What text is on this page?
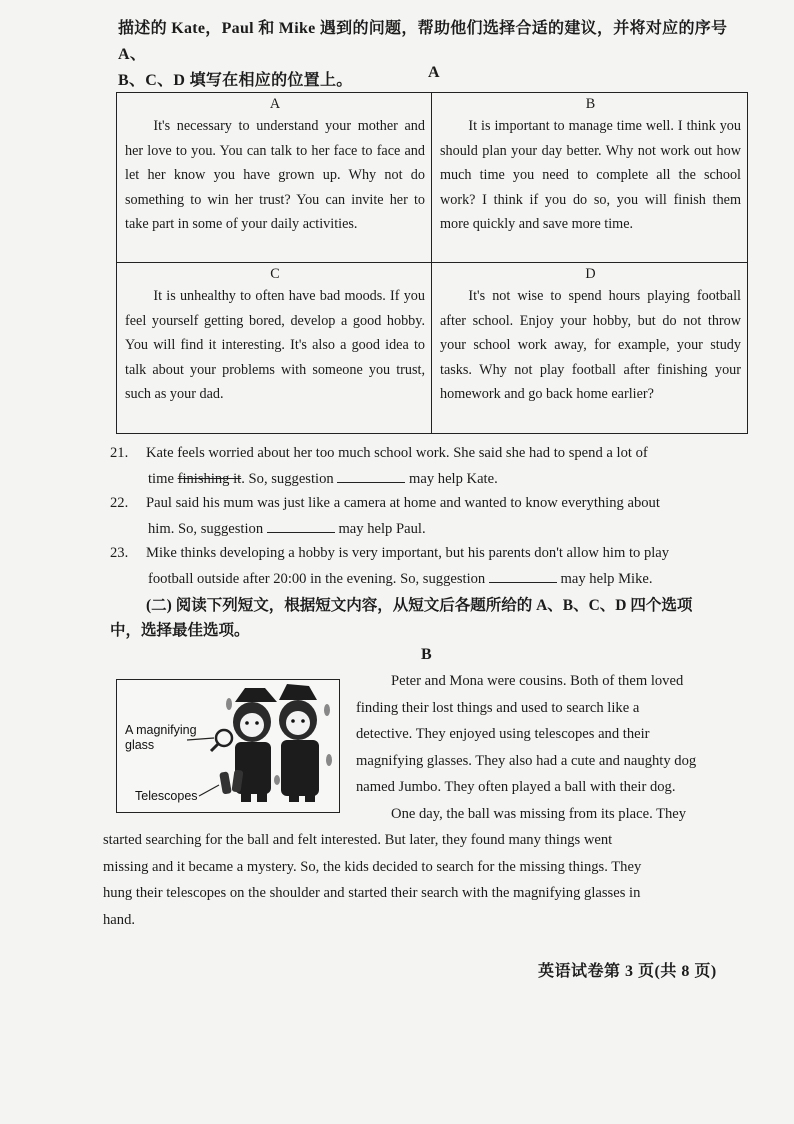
描述的 Kate，Paul 和 Mike 遇到的问题，帮助他们选择合适的建议，并将对应的序号 A、
B、C、D 填写在相应的位置上。	A
A

It's necessary to understand your mother and her love to you. You can talk to her face to face and let her know you have grown up. Why not do something to win her trust? You can invite her to take part in some of your daily activities.

B

It is important to manage time well. I think you should plan your day better. Why not work out how much time you need to complete all the school work? I think if you do so, you will finish them more quickly and save more time.

C

It is unhealthy to often have bad moods. If you feel yourself getting bored, develop a good hobby. You will find it interesting. It's also a good idea to talk about your problems with someone you trust, such as your dad.

D

It's not wise to spend hours playing football after school. Enjoy your hobby, but do not throw your school work away, for example, your study tasks. Why not play football after finishing your homework and go back home earlier?

21. Kate feels worried about her too much school work. She said she had to spend a lot of
time finishing it. So, suggestion	may help Kate.
22. Paul said his mum was just like a camera at home and wanted to know everything about
him. So, suggestion	may help Paul.
23. Mike thinks developing a hobby is very important, but his parents don't allow him to play
football outside after 20:00 in the evening. So, suggestion	may help Mike.
(二) 阅读下列短文，根据短文内容，从短文后各题所给的 A、B、C、D 四个选项
中，选择最佳选项。
B
A magnifying
glass
Telescopes
Peter and Mona were cousins. Both of them loved
finding their lost things and used to search like a
detective. They enjoyed using telescopes and their
magnifying glasses. They also had a cute and naughty dog
named Jumbo. They often played a ball with their dog.
One day, the ball was missing from its place. They
started searching for the ball and felt interested. But later, they found many things went
missing and it became a mystery. So, the kids decided to search for the missing things. They
hung their telescopes on the shoulder and started their search with the magnifying glasses in
hand.
英语试卷第 3 页(共 8 页)
